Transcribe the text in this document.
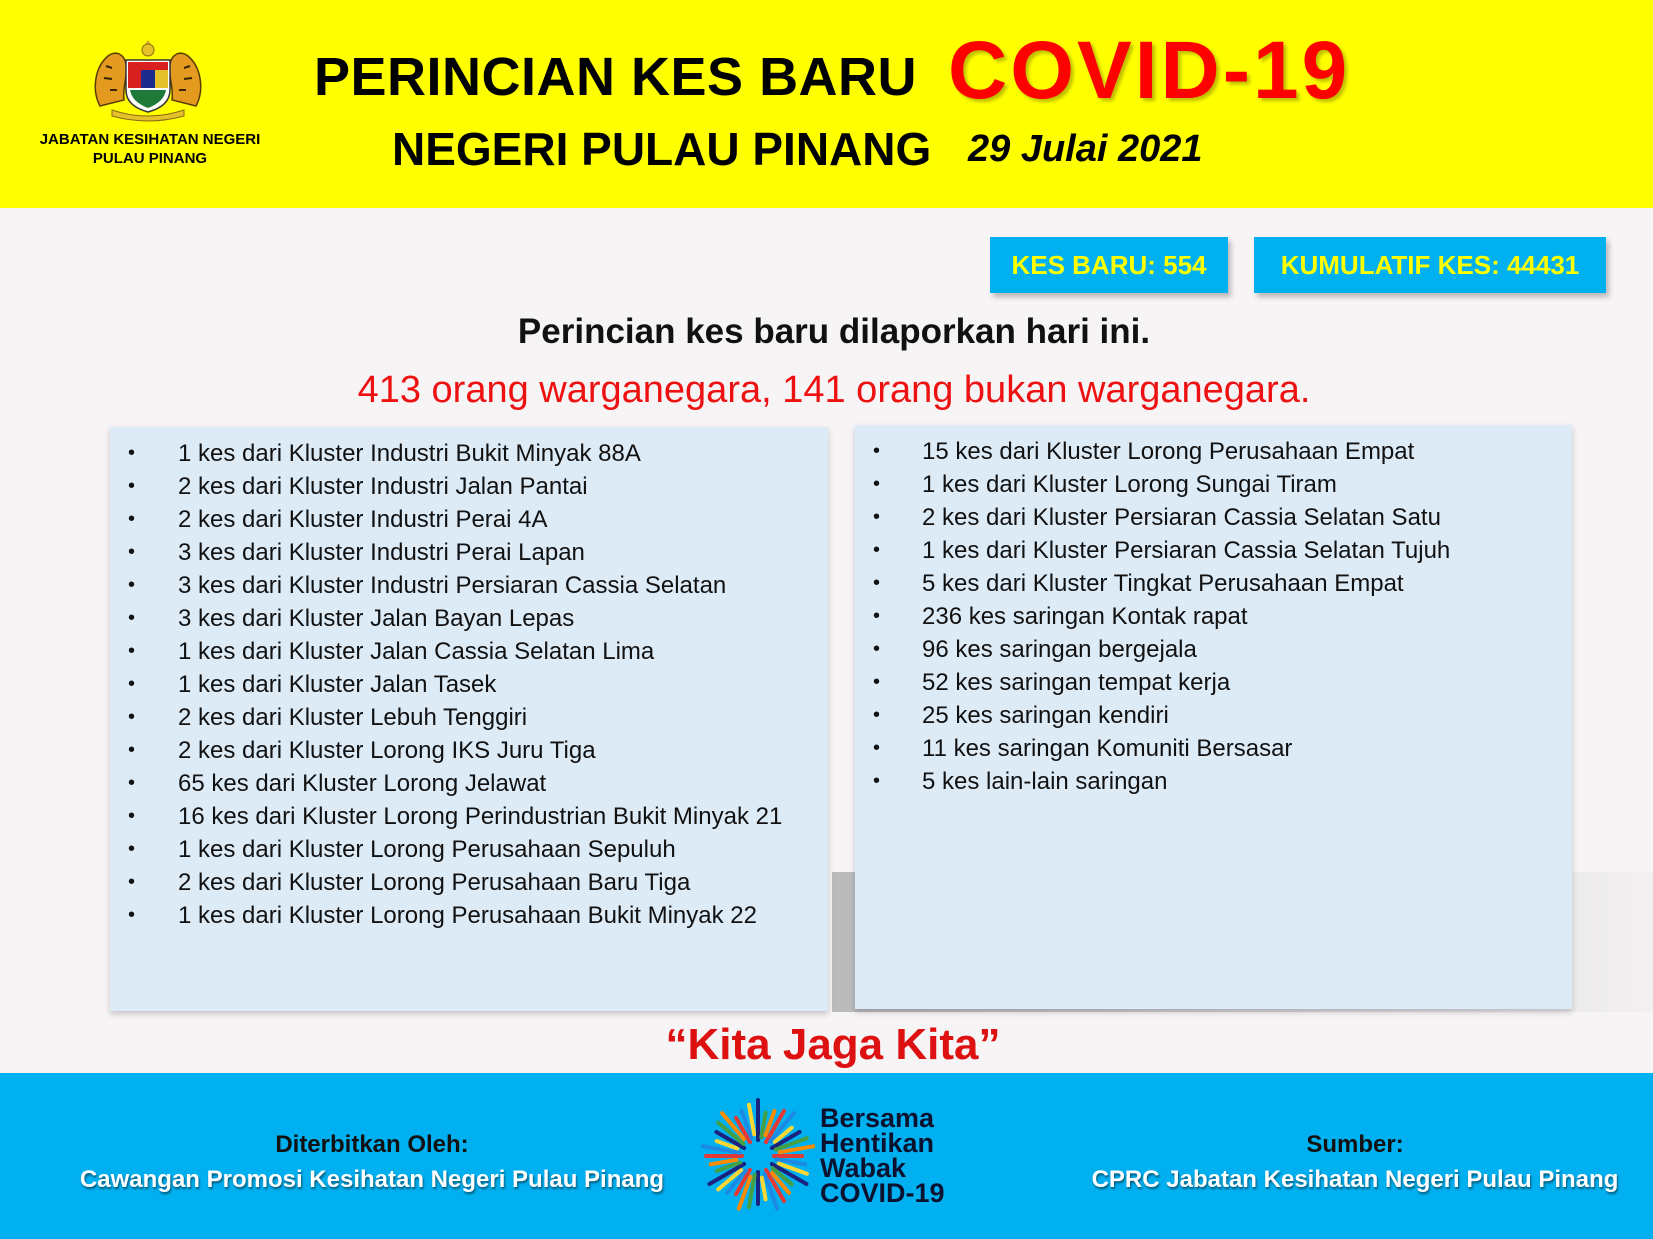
JABATAN KESIHATAN NEGERI PULAU PINANG
PERINCIAN KES BARU COVID-19
NEGERI PULAU PINANG 29 Julai 2021
KES BARU: 554	KUMULATIF KES: 44431
Perincian kes baru dilaporkan hari ini.
413 orang warganegara, 141 orang bukan warganegara.
• 1 kes dari Kluster Industri Bukit Minyak 88A
• 2 kes dari Kluster Industri Jalan Pantai
• 2 kes dari Kluster Industri Perai 4A
• 3 kes dari Kluster Industri Perai Lapan
• 3 kes dari Kluster Industri Persiaran Cassia Selatan
• 3 kes dari Kluster Jalan Bayan Lepas
• 1 kes dari Kluster Jalan Cassia Selatan Lima
• 1 kes dari Kluster Jalan Tasek
• 2 kes dari Kluster Lebuh Tenggiri
• 2 kes dari Kluster Lorong IKS Juru Tiga
• 65 kes dari Kluster Lorong Jelawat
• 16 kes dari Kluster Lorong Perindustrian Bukit Minyak 21
• 1 kes dari Kluster Lorong Perusahaan Sepuluh
• 2 kes dari Kluster Lorong Perusahaan Baru Tiga
• 1 kes dari Kluster Lorong Perusahaan Bukit Minyak 22
• 15 kes dari Kluster Lorong Perusahaan Empat
• 1 kes dari Kluster Lorong Sungai Tiram
• 2 kes dari Kluster Persiaran Cassia Selatan Satu
• 1 kes dari Kluster Persiaran Cassia Selatan Tujuh
• 5 kes dari Kluster Tingkat Perusahaan Empat
• 236 kes saringan Kontak rapat
• 96 kes saringan bergejala
• 52 kes saringan tempat kerja
• 25 kes saringan kendiri
• 11 kes saringan Komuniti Bersasar
• 5 kes lain-lain saringan
“Kita Jaga Kita”
Diterbitkan Oleh:
Cawangan Promosi Kesihatan Negeri Pulau Pinang
Sumber:
CPRC Jabatan Kesihatan Negeri Pulau Pinang
Bersama
Hentikan
Wabak
COVID-19
